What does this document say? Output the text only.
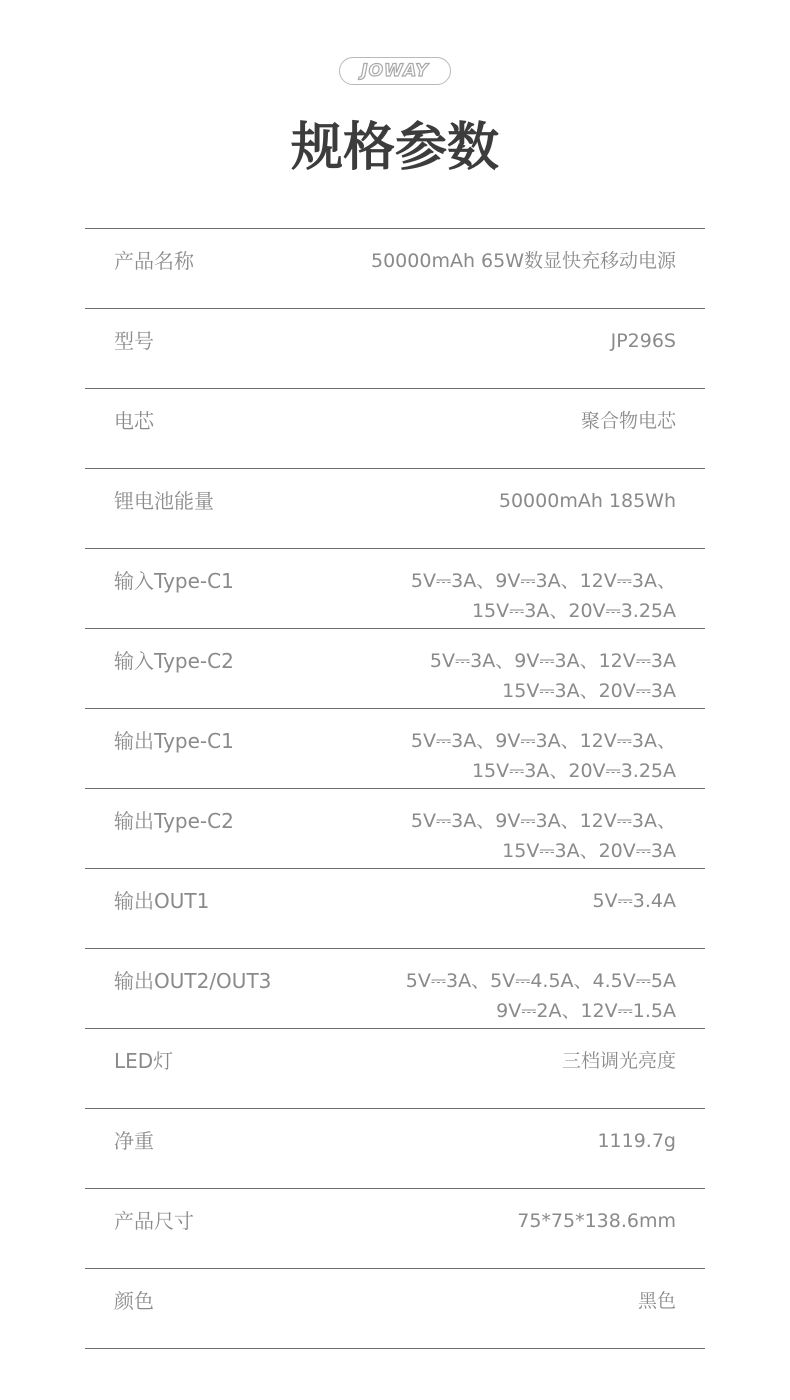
JOWAY
规格参数
产品名称	50000mAh 65W数显快充移动电源
型号	JP296S
电芯	聚合物电芯
锂电池能量	50000mAh 185Wh
输入Type-C1	5V⎓3A、9V⎓3A、12V⎓3A、
15V⎓3A、20V⎓3.25A
输入Type-C2	5V⎓3A、9V⎓3A、12V⎓3A
15V⎓3A、20V⎓3A
输出Type-C1	5V⎓3A、9V⎓3A、12V⎓3A、
15V⎓3A、20V⎓3.25A
输出Type-C2	5V⎓3A、9V⎓3A、12V⎓3A、
15V⎓3A、20V⎓3A
输出OUT1	5V⎓3.4A
输出OUT2/OUT3	5V⎓3A、5V⎓4.5A、4.5V⎓5A
9V⎓2A、12V⎓1.5A
LED灯	三档调光亮度
净重	1119.7g
产品尺寸	75*75*138.6mm
颜色	黑色
